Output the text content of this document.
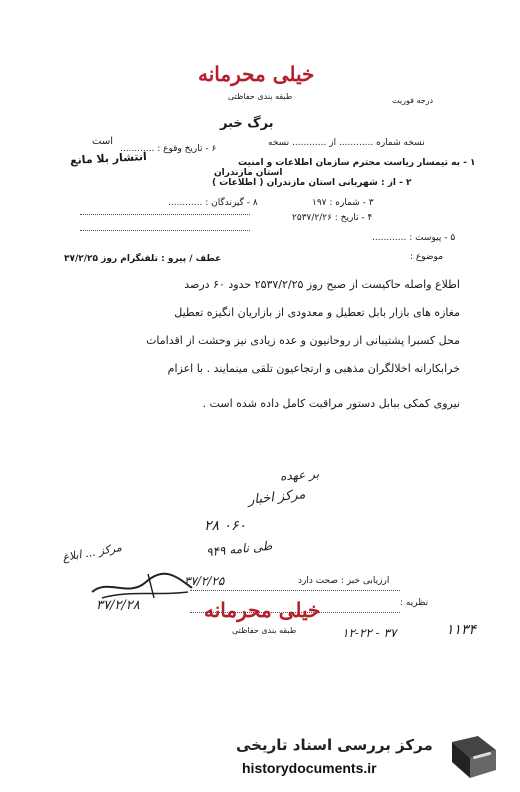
خیلی محرمانه
طبقه بندی حفاظتی	درجه فوریت
برگ خبر
است	نسخه شماره ............ از ............ نسخه
۶ - تاریخ وقوع : ............
۱ - به تیمسار ریاست محترم سازمان اطلاعات و امنیت
استان مازندران
انتشار بلا مانع
۲ - از : شهربانی استان مازندران ( اطلاعات )
۸ - گیرندگان : ............	۳ - شماره : ۱۹۷
۴ - تاریخ : ۲۵۳۷/۲/۲۶
۵ - پیوست : ............
موضوع :
عطف / پیرو : تلفنگرام روز ۳۷/۲/۲۵
اطلاع واصله حاکیست از صبح روز ۲۵۳۷/۲/۲۵ حدود ۶۰ درصد
مغازه های بازار بابل تعطیل و معدودی از بازاریان انگیزه تعطیل
محل کسبرا پشتیبانی از روحانیون و عده زیادی نیز وحشت از اقدامات
خرابکارانه اخلالگران مذهبی و ارتجاعیون تلقی مینمایند . با اعزام
نیروی کمکی ببابل دستور مراقبت کامل داده شده است .
بر عهده
مرکز اخبار
۲۸ ۰۶۰
طی نامه ۹۴۹
مرکز ... ابلاغ
۳۷/۲/۲۵
۳۷/۲/۲۸
ارزیابی خبر : صحت دارد
نظریه :
خیلی محرمانه
طبقه بندی حفاظتی	۱۲-۲۲ - ۳۷	۱۱۳۴
مرکز بررسی اسناد تاریخی
historydocuments.ir
